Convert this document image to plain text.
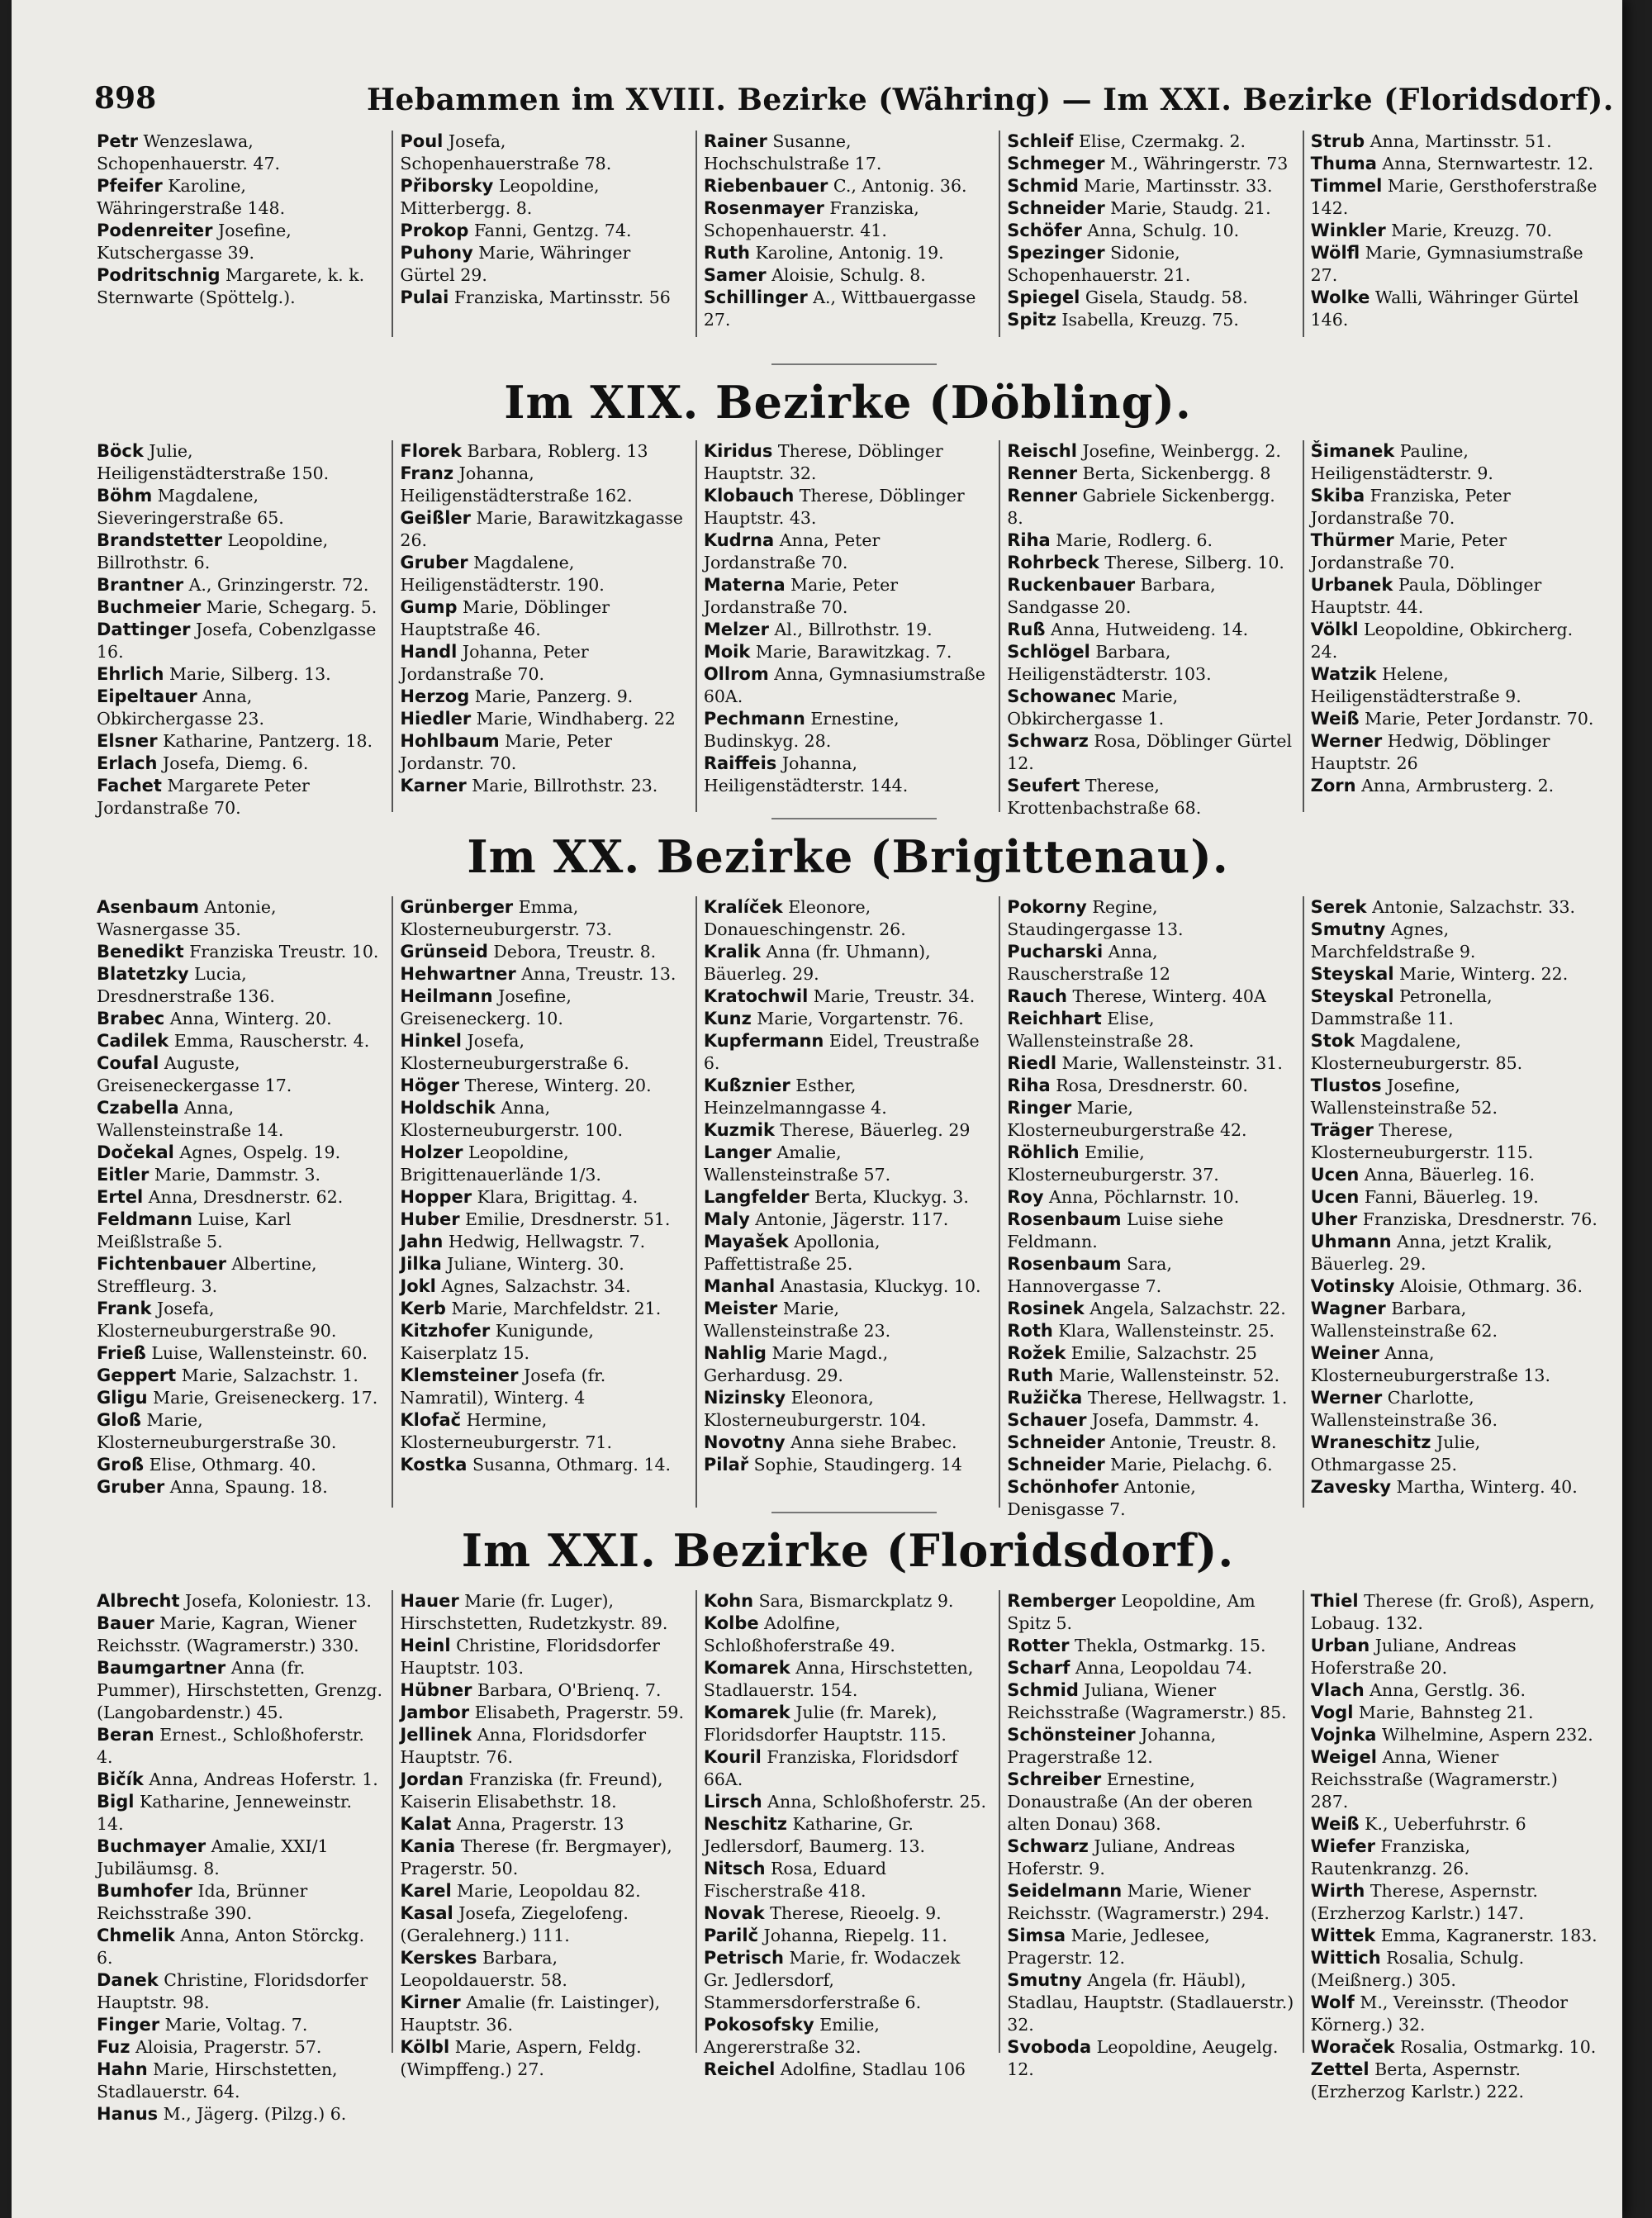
898	Hebammen im XVIII. Bezirke (Währing) — Im XXI. Bezirke (Floridsdorf).
Petr Wenzeslawa, Schopenhauerstr. 47.
Pfeifer Karoline, Währingerstraße 148.
Podenreiter Josefine, Kutschergasse 39.
Podritschnig Margarete, k. k. Sternwarte (Spöttelg.).
Poul Josefa, Schopenhauerstraße 78.
Přiborsky Leopoldine, Mitterbergg. 8.
Prokop Fanni, Gentzg. 74.
Puhony Marie, Währinger Gürtel 29.
Pulai Franziska, Martinsstr. 56
Rainer Susanne, Hochschulstraße 17.
Riebenbauer C., Antonig. 36.
Rosenmayer Franziska, Schopenhauerstr. 41.
Ruth Karoline, Antonig. 19.
Samer Aloisie, Schulg. 8.
Schillinger A., Wittbauergasse 27.
Schleif Elise, Czermakg. 2.
Schmeger M., Währingerstr. 73
Schmid Marie, Martinsstr. 33.
Schneider Marie, Staudg. 21.
Schöfer Anna, Schulg. 10.
Spezinger Sidonie, Schopenhauerstr. 21.
Spiegel Gisela, Staudg. 58.
Spitz Isabella, Kreuzg. 75.
Strub Anna, Martinsstr. 51.
Thuma Anna, Sternwartestr. 12.
Timmel Marie, Gersthoferstraße 142.
Winkler Marie, Kreuzg. 70.
Wölfl Marie, Gymnasiumstraße 27.
Wolke Walli, Währinger Gürtel 146.
Im XIX. Bezirke (Döbling).
Böck Julie, Heiligenstädterstraße 150.
Böhm Magdalene, Sieveringerstraße 65.
Brandstetter Leopoldine, Billrothstr. 6.
Brantner A., Grinzingerstr. 72.
Buchmeier Marie, Schegarg. 5.
Dattinger Josefa, Cobenzlgasse 16.
Ehrlich Marie, Silberg. 13.
Eipeltauer Anna, Obkirchergasse 23.
Elsner Katharine, Pantzerg. 18.
Erlach Josefa, Diemg. 6.
Fachet Margarete Peter Jordanstraße 70.
Florek Barbara, Roblerg. 13
Franz Johanna, Heiligenstädterstraße 162.
Geißler Marie, Barawitzkagasse 26.
Gruber Magdalene, Heiligenstädterstr. 190.
Gump Marie, Döblinger Hauptstraße 46.
Handl Johanna, Peter Jordanstraße 70.
Herzog Marie, Panzerg. 9.
Hiedler Marie, Windhaberg. 22
Hohlbaum Marie, Peter Jordanstr. 70.
Karner Marie, Billrothstr. 23.
Kiridus Therese, Döblinger Hauptstr. 32.
Klobauch Therese, Döblinger Hauptstr. 43.
Kudrna Anna, Peter Jordanstraße 70.
Materna Marie, Peter Jordanstraße 70.
Melzer Al., Billrothstr. 19.
Moik Marie, Barawitzkag. 7.
Ollrom Anna, Gymnasiumstraße 60A.
Pechmann Ernestine, Budinskyg. 28.
Raiffeis Johanna, Heiligenstädterstr. 144.
Reischl Josefine, Weinbergg. 2.
Renner Berta, Sickenbergg. 8
Renner Gabriele Sickenbergg. 8.
Riha Marie, Rodlerg. 6.
Rohrbeck Therese, Silberg. 10.
Ruckenbauer Barbara, Sandgasse 20.
Ruß Anna, Hutweideng. 14.
Schlögel Barbara, Heiligenstädterstr. 103.
Schowanec Marie, Obkirchergasse 1.
Schwarz Rosa, Döblinger Gürtel 12.
Seufert Therese, Krottenbachstraße 68.
Šimanek Pauline, Heiligenstädterstr. 9.
Skiba Franziska, Peter Jordanstraße 70.
Thürmer Marie, Peter Jordanstraße 70.
Urbanek Paula, Döblinger Hauptstr. 44.
Völkl Leopoldine, Obkircherg. 24.
Watzik Helene, Heiligenstädterstraße 9.
Weiß Marie, Peter Jordanstr. 70.
Werner Hedwig, Döblinger Hauptstr. 26
Zorn Anna, Armbrusterg. 2.
Im XX. Bezirke (Brigittenau).
Asenbaum Antonie, Wasnergasse 35.
Benedikt Franziska Treustr. 10.
Blatetzky Lucia, Dresdnerstraße 136.
Brabec Anna, Winterg. 20.
Cadilek Emma, Rauscherstr. 4.
Coufal Auguste, Greiseneckergasse 17.
Czabella Anna, Wallensteinstraße 14.
Dočekal Agnes, Ospelg. 19.
Eitler Marie, Dammstr. 3.
Ertel Anna, Dresdnerstr. 62.
Feldmann Luise, Karl Meißlstraße 5.
Fichtenbauer Albertine, Streffleurg. 3.
Frank Josefa, Klosterneuburgerstraße 90.
Frieß Luise, Wallensteinstr. 60.
Geppert Marie, Salzachstr. 1.
Gligu Marie, Greiseneckerg. 17.
Gloß Marie, Klosterneuburgerstraße 30.
Groß Elise, Othmarg. 40.
Gruber Anna, Spaung. 18.
Grünberger Emma, Klosterneuburgerstr. 73.
Grünseid Debora, Treustr. 8.
Hehwartner Anna, Treustr. 13.
Heilmann Josefine, Greiseneckerg. 10.
Hinkel Josefa, Klosterneuburgerstraße 6.
Höger Therese, Winterg. 20.
Holdschik Anna, Klosterneuburgerstr. 100.
Holzer Leopoldine, Brigittenauerlände 1/3.
Hopper Klara, Brigittag. 4.
Huber Emilie, Dresdnerstr. 51.
Jahn Hedwig, Hellwagstr. 7.
Jilka Juliane, Winterg. 30.
Jokl Agnes, Salzachstr. 34.
Kerb Marie, Marchfeldstr. 21.
Kitzhofer Kunigunde, Kaiserplatz 15.
Klemsteiner Josefa (fr. Namratil), Winterg. 4
Klofač Hermine, Klosterneuburgerstr. 71.
Kostka Susanna, Othmarg. 14.
Kralíček Eleonore, Donaueschingenstr. 26.
Kralik Anna (fr. Uhmann), Bäuerleg. 29.
Kratochwil Marie, Treustr. 34.
Kunz Marie, Vorgartenstr. 76.
Kupfermann Eidel, Treustraße 6.
Kußznier Esther, Heinzelmanngasse 4.
Kuzmik Therese, Bäuerleg. 29
Langer Amalie, Wallensteinstraße 57.
Langfelder Berta, Kluckyg. 3.
Maly Antonie, Jägerstr. 117.
Mayašek Apollonia, Paffettistraße 25.
Manhal Anastasia, Kluckyg. 10.
Meister Marie, Wallensteinstraße 23.
Nahlig Marie Magd., Gerhardusg. 29.
Nizinsky Eleonora, Klosterneuburgerstr. 104.
Novotny Anna siehe Brabec.
Pilař Sophie, Staudingerg. 14
Pokorny Regine, Staudingergasse 13.
Pucharski Anna, Rauscherstraße 12
Rauch Therese, Winterg. 40A
Reichhart Elise, Wallensteinstraße 28.
Riedl Marie, Wallensteinstr. 31.
Riha Rosa, Dresdnerstr. 60.
Ringer Marie, Klosterneuburgerstraße 42.
Röhlich Emilie, Klosterneuburgerstr. 37.
Roy Anna, Pöchlarnstr. 10.
Rosenbaum Luise siehe Feldmann.
Rosenbaum Sara, Hannovergasse 7.
Rosinek Angela, Salzachstr. 22.
Roth Klara, Wallensteinstr. 25.
Rožek Emilie, Salzachstr. 25
Ruth Marie, Wallensteinstr. 52.
Ružička Therese, Hellwagstr. 1.
Schauer Josefa, Dammstr. 4.
Schneider Antonie, Treustr. 8.
Schneider Marie, Pielachg. 6.
Schönhofer Antonie, Denisgasse 7.
Serek Antonie, Salzachstr. 33.
Smutny Agnes, Marchfeldstraße 9.
Steyskal Marie, Winterg. 22.
Steyskal Petronella, Dammstraße 11.
Stok Magdalene, Klosterneuburgerstr. 85.
Tlustos Josefine, Wallensteinstraße 52.
Träger Therese, Klosterneuburgerstr. 115.
Ucen Anna, Bäuerleg. 16.
Ucen Fanni, Bäuerleg. 19.
Uher Franziska, Dresdnerstr. 76.
Uhmann Anna, jetzt Kralik, Bäuerleg. 29.
Votinsky Aloisie, Othmarg. 36.
Wagner Barbara, Wallensteinstraße 62.
Weiner Anna, Klosterneuburgerstraße 13.
Werner Charlotte, Wallensteinstraße 36.
Wraneschitz Julie, Othmargasse 25.
Zavesky Martha, Winterg. 40.
Im XXI. Bezirke (Floridsdorf).
Albrecht Josefa, Koloniestr. 13.
Bauer Marie, Kagran, Wiener Reichsstr. (Wagramerstr.) 330.
Baumgartner Anna (fr. Pummer), Hirschstetten, Grenzg. (Langobardenstr.) 45.
Beran Ernest., Schloßhoferstr. 4.
Bičík Anna, Andreas Hoferstr. 1.
Bigl Katharine, Jenneweinstr. 14.
Buchmayer Amalie, XXI/1 Jubiläumsg. 8.
Bumhofer Ida, Brünner Reichsstraße 390.
Chmelik Anna, Anton Störckg. 6.
Danek Christine, Floridsdorfer Hauptstr. 98.
Finger Marie, Voltag. 7.
Fuz Aloisia, Pragerstr. 57.
Hahn Marie, Hirschstetten, Stadlauerstr. 64.
Hanus M., Jägerg. (Pilzg.) 6.
Hauer Marie (fr. Luger), Hirschstetten, Rudetzkystr. 89.
Heinl Christine, Floridsdorfer Hauptstr. 103.
Hübner Barbara, O'Brienq. 7.
Jambor Elisabeth, Pragerstr. 59.
Jellinek Anna, Floridsdorfer Hauptstr. 76.
Jordan Franziska (fr. Freund), Kaiserin Elisabethstr. 18.
Kalat Anna, Pragerstr. 13
Kania Therese (fr. Bergmayer), Pragerstr. 50.
Karel Marie, Leopoldau 82.
Kasal Josefa, Ziegelofeng. (Geralehnerg.) 111.
Kerskes Barbara, Leopoldauerstr. 58.
Kirner Amalie (fr. Laistinger), Hauptstr. 36.
Kölbl Marie, Aspern, Feldg. (Wimpffeng.) 27.
Kohn Sara, Bismarckplatz 9.
Kolbe Adolfine, Schloßhoferstraße 49.
Komarek Anna, Hirschstetten, Stadlauerstr. 154.
Komarek Julie (fr. Marek), Floridsdorfer Hauptstr. 115.
Kouril Franziska, Floridsdorf 66A.
Lirsch Anna, Schloßhoferstr. 25.
Neschitz Katharine, Gr. Jedlersdorf, Baumerg. 13.
Nitsch Rosa, Eduard Fischerstraße 418.
Novak Therese, Rieoelg. 9.
Parilč Johanna, Riepelg. 11.
Petrisch Marie, fr. Wodaczek Gr. Jedlersdorf, Stammersdorferstraße 6.
Pokosofsky Emilie, Angererstraße 32.
Reichel Adolfine, Stadlau 106
Remberger Leopoldine, Am Spitz 5.
Rotter Thekla, Ostmarkg. 15.
Scharf Anna, Leopoldau 74.
Schmid Juliana, Wiener Reichsstraße (Wagramerstr.) 85.
Schönsteiner Johanna, Pragerstraße 12.
Schreiber Ernestine, Donaustraße (An der oberen alten Donau) 368.
Schwarz Juliane, Andreas Hoferstr. 9.
Seidelmann Marie, Wiener Reichsstr. (Wagramerstr.) 294.
Simsa Marie, Jedlesee, Pragerstr. 12.
Smutny Angela (fr. Häubl), Stadlau, Hauptstr. (Stadlauerstr.) 32.
Svoboda Leopoldine, Aeugelg. 12.
Thiel Therese (fr. Groß), Aspern, Lobaug. 132.
Urban Juliane, Andreas Hoferstraße 20.
Vlach Anna, Gerstlg. 36.
Vogl Marie, Bahnsteg 21.
Vojnka Wilhelmine, Aspern 232.
Weigel Anna, Wiener Reichsstraße (Wagramerstr.) 287.
Weiß K., Ueberfuhrstr. 6
Wiefer Franziska, Rautenkranzg. 26.
Wirth Therese, Aspernstr. (Erzherzog Karlstr.) 147.
Wittek Emma, Kagranerstr. 183.
Wittich Rosalia, Schulg. (Meißnerg.) 305.
Wolf M., Vereinsstr. (Theodor Körnerg.) 32.
Woraček Rosalia, Ostmarkg. 10.
Zettel Berta, Aspernstr. (Erzherzog Karlstr.) 222.
